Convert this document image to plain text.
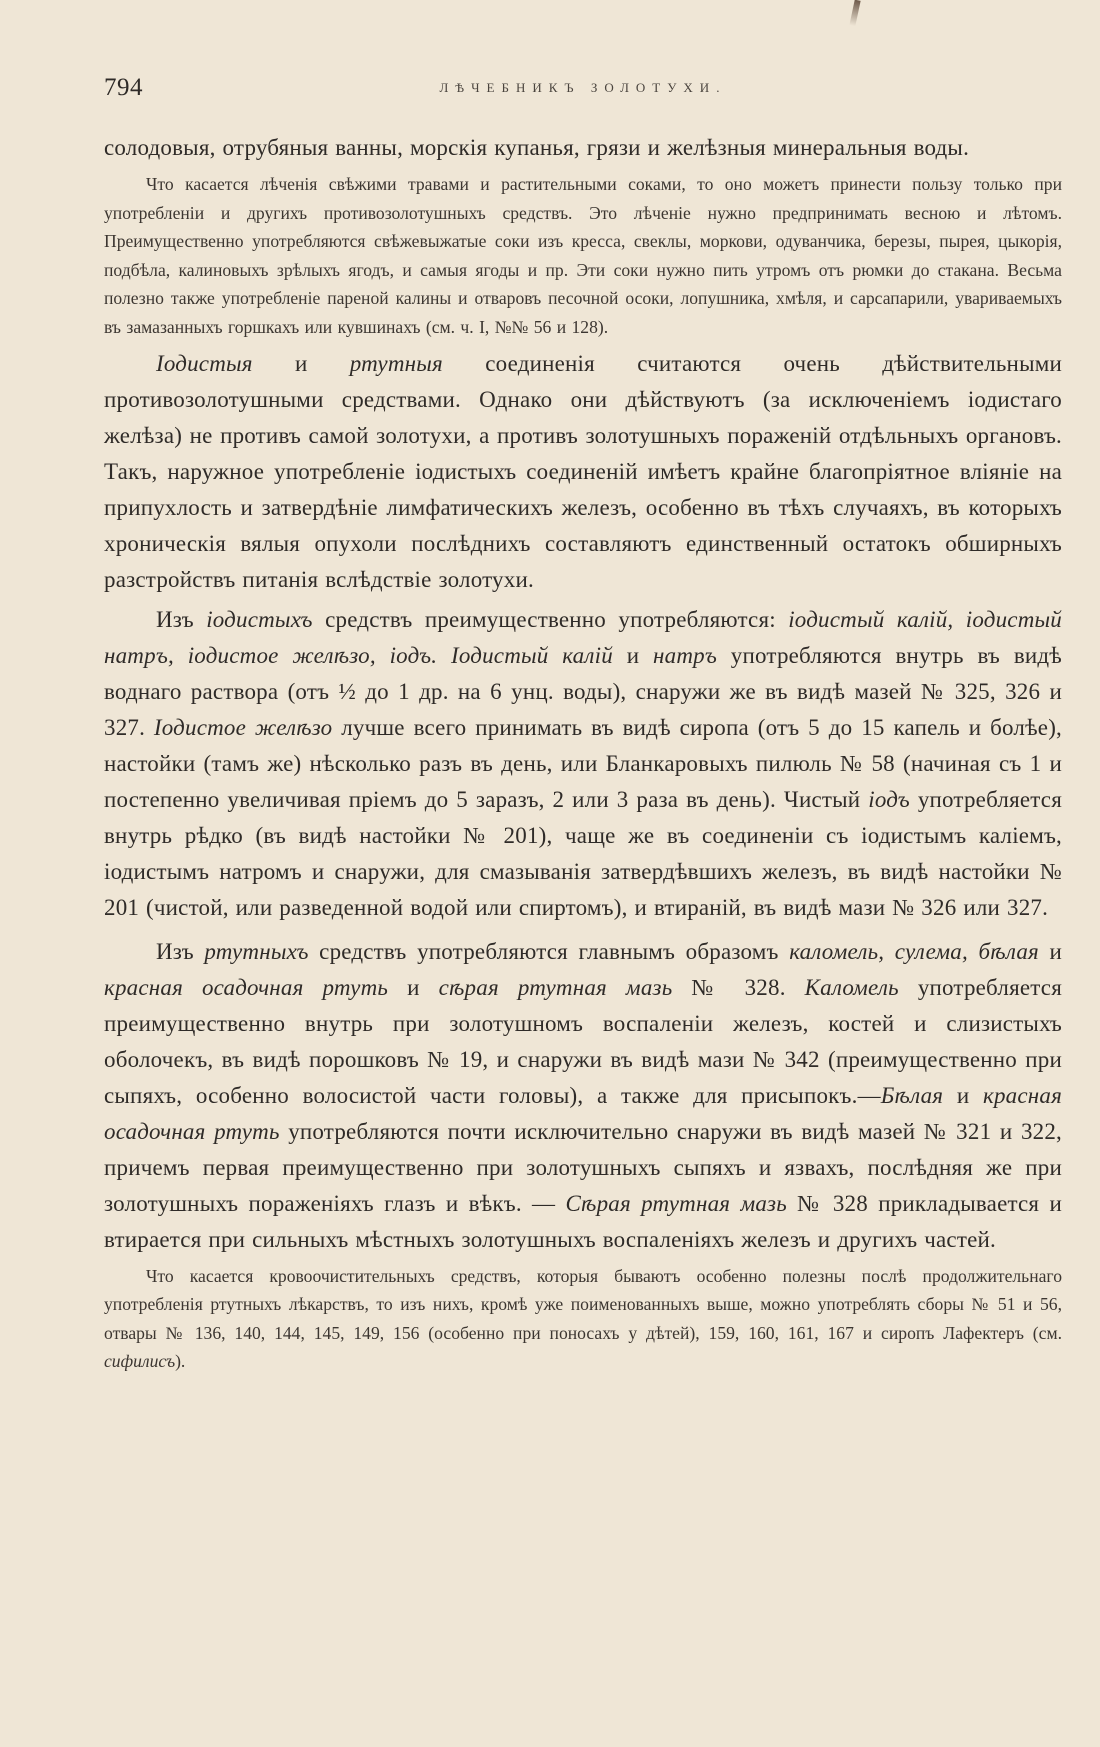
794	ЛѢЧЕБНИКЪ ЗОЛОТУХИ.

солодовыя, отрубяныя ванны, морскія купанья, грязи и желѣзныя минеральныя воды.

Что касается лѣченія свѣжими травами и растительными соками, то оно можетъ принести пользу только при употребленіи и другихъ противозолотушныхъ средствъ. Это лѣченіе нужно предпринимать весною и лѣтомъ. Преимущественно употребляются свѣжевыжатые соки изъ кресса, свеклы, моркови, одуванчика, березы, пырея, цыкорія, подбѣла, калиновыхъ зрѣлыхъ ягодъ, и самыя ягоды и пр. Эти соки нужно пить утромъ отъ рюмки до стакана. Весьма полезно также употребленіе пареной калины и отваровъ песочной осоки, лопушника, хмѣля, и сарсапарили, увариваемыхъ въ замазанныхъ горшкахъ или кувшинахъ (см. ч. I, №№ 56 и 128).

Іодистыя и ртутныя соединенія считаются очень дѣйствительными противозолотушными средствами. Однако они дѣйствуютъ (за исключеніемъ іодистаго желѣза) не противъ самой золотухи, а противъ золотушныхъ пораженій отдѣльныхъ органовъ. Такъ, наружное употребленіе іодистыхъ соединеній имѣетъ крайне благопріятное вліяніе на припухлость и затвердѣніе лимфатическихъ железъ, особенно въ тѣхъ случаяхъ, въ которыхъ хроническія вялыя опухоли послѣднихъ составляютъ единственный остатокъ обширныхъ разстройствъ питанія вслѣдствіе золотухи.

Изъ іодистыхъ средствъ преимущественно употребляются: іодистый калій, іодистый натръ, іодистое желѣзо, іодъ. Іодистый калій и натръ употребляются внутрь въ видѣ воднаго раствора (отъ ½ до 1 др. на 6 унц. воды), снаружи же въ видѣ мазей № 325, 326 и 327. Іодистое желѣзо лучше всего принимать въ видѣ сиропа (отъ 5 до 15 капель и болѣе), настойки (тамъ же) нѣсколько разъ въ день, или Бланкаровыхъ пилюль № 58 (начиная съ 1 и постепенно увеличивая пріемъ до 5 заразъ, 2 или 3 раза въ день). Чистый іодъ употребляется внутрь рѣдко (въ видѣ настойки № 201), чаще же въ соединеніи съ іодистымъ каліемъ, іодистымъ натромъ и снаружи, для смазыванія затвердѣвшихъ железъ, въ видѣ настойки № 201 (чистой, или разведенной водой или спиртомъ), и втираній, въ видѣ мази № 326 или 327.

Изъ ртутныхъ средствъ употребляются главнымъ образомъ каломель, сулема, бѣлая и красная осадочная ртуть и сѣрая ртутная мазь № 328. Каломель употребляется преимущественно внутрь при золотушномъ воспаленіи железъ, костей и слизистыхъ оболочекъ, въ видѣ порошковъ № 19, и снаружи въ видѣ мази № 342 (преимущественно при сыпяхъ, особенно волосистой части головы), а также для присыпокъ.—Бѣлая и красная осадочная ртуть употребляются почти исключительно снаружи въ видѣ мазей № 321 и 322, причемъ первая преимущественно при золотушныхъ сыпяхъ и язвахъ, послѣдняя же при золотушныхъ пораженіяхъ глазъ и вѣкъ. — Сѣрая ртутная мазь № 328 прикладывается и втирается при сильныхъ мѣстныхъ золотушныхъ воспаленіяхъ железъ и другихъ частей.

Что касается кровоочистительныхъ средствъ, которыя бываютъ особенно полезны послѣ продолжительнаго употребленія ртутныхъ лѣкарствъ, то изъ нихъ, кромѣ уже поименованныхъ выше, можно употреблять сборы № 51 и 56, отвары № 136, 140, 144, 145, 149, 156 (особенно при поносахъ у дѣтей), 159, 160, 161, 167 и сиропъ Лафектеръ (см. сифилисъ).
